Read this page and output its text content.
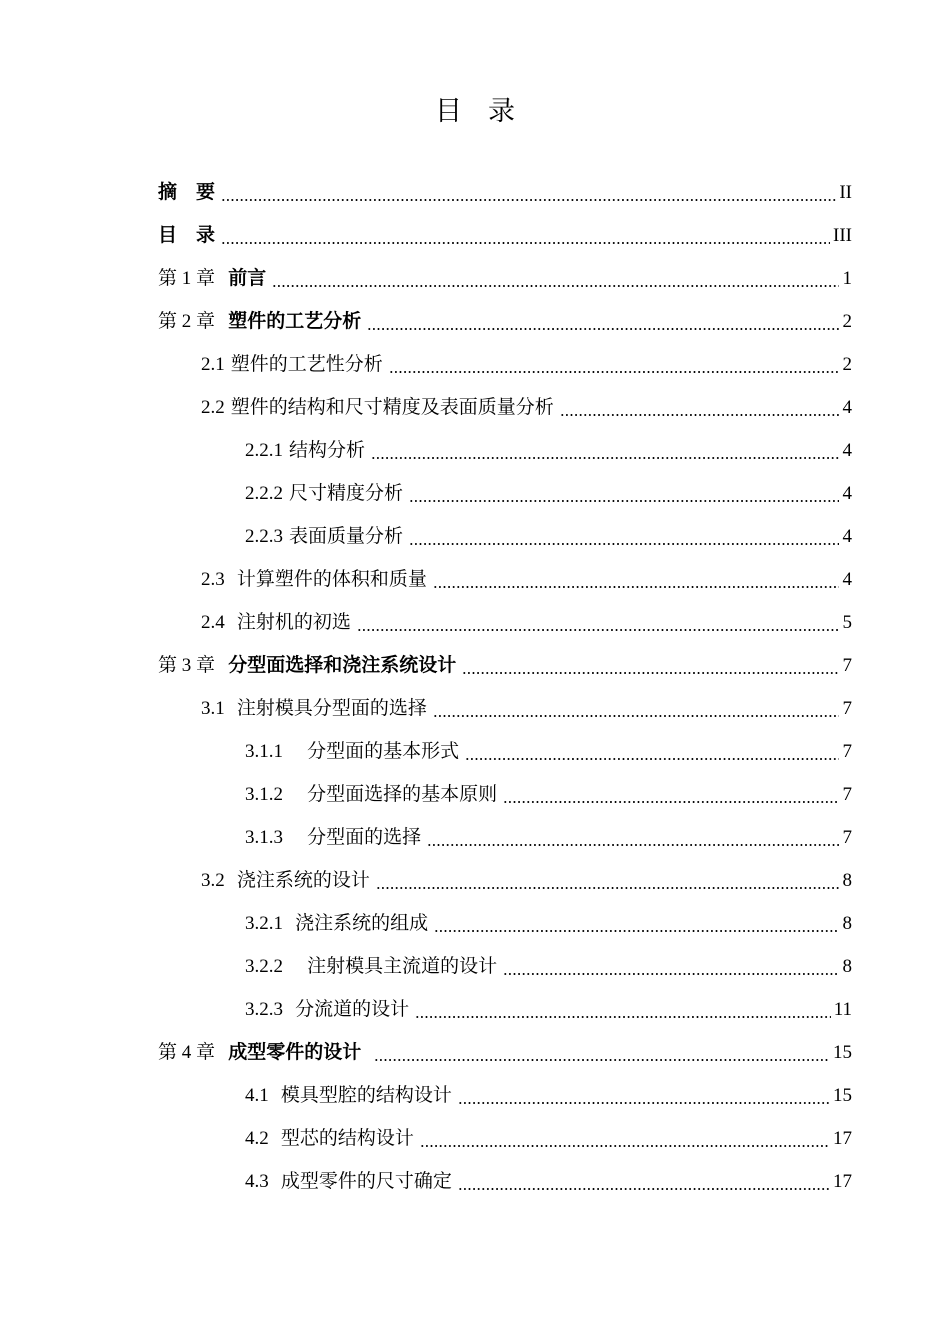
目 录
摘　要	II
目　录	III
第 1 章  前言	1
第 2 章  塑件的工艺分析	2
2.1 塑件的工艺性分析	2
2.2 塑件的结构和尺寸精度及表面质量分析	4
2.2.1 结构分析	4
2.2.2 尺寸精度分析	4
2.2.3 表面质量分析	4
2.3  计算塑件的体积和质量	4
2.4  注射机的初选	5
第 3 章  分型面选择和浇注系统设计	7
3.1  注射模具分型面的选择	7
3.1.1    分型面的基本形式	7
3.1.2    分型面选择的基本原则	7
3.1.3    分型面的选择	7
3.2  浇注系统的设计	8
3.2.1  浇注系统的组成	8
3.2.2    注射模具主流道的设计	8
3.2.3  分流道的设计	11
第 4 章  成型零件的设计	15
4.1  模具型腔的结构设计	15
4.2  型芯的结构设计	17
4.3  成型零件的尺寸确定	17
